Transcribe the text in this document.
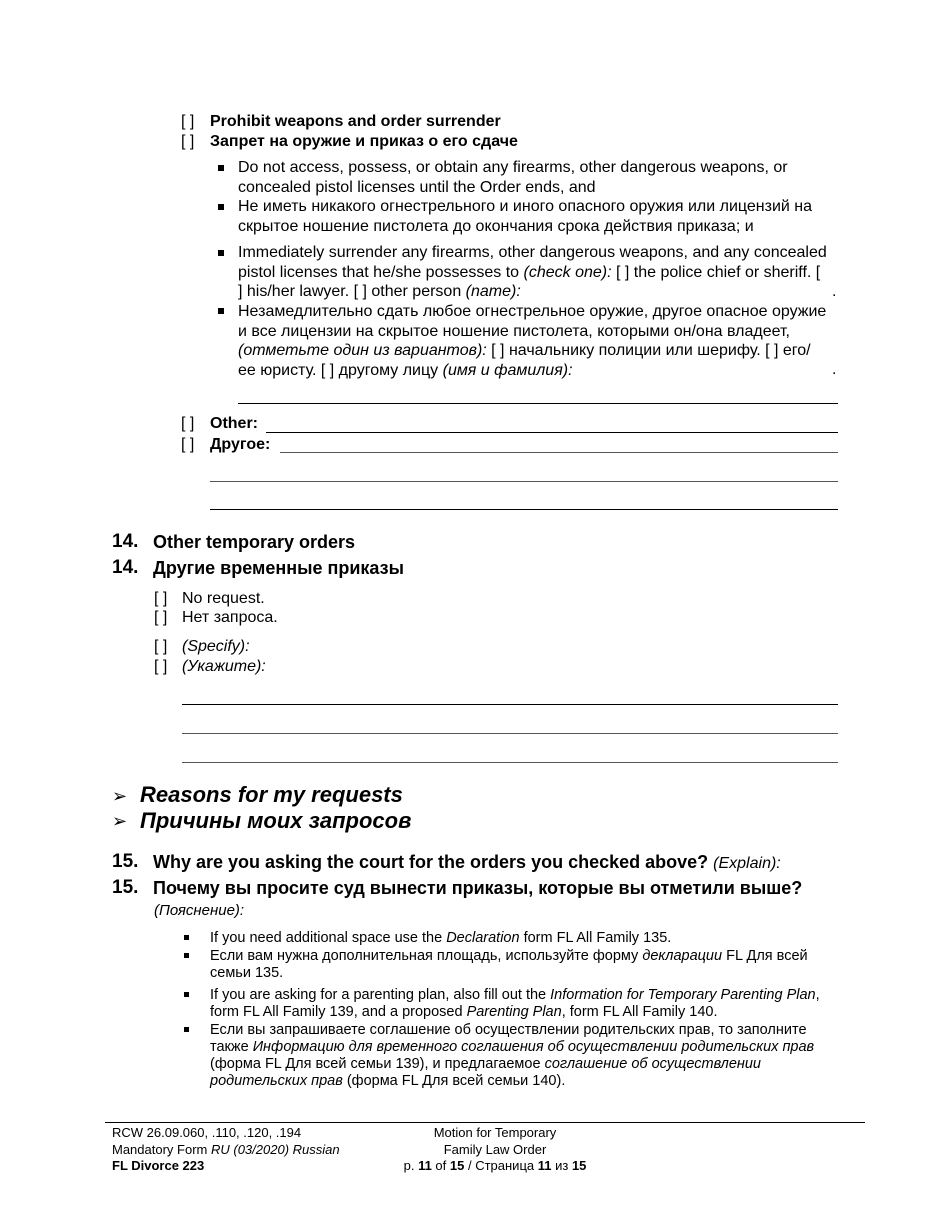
[ ] Prohibit weapons and order surrender
[ ] Запрет на оружие и приказ о его сдаче
Do not access, possess, or obtain any firearms, other dangerous weapons, or concealed pistol licenses until the Order ends, and
Не иметь никакого огнестрельного и иного опасного оружия или лицензий на скрытое ношение пистолета до окончания срока действия приказа; и
Immediately surrender any firearms, other dangerous weapons, and any concealed pistol licenses that he/she possesses to (check one): [ ] the police chief or sheriff. [ ] his/her lawyer. [ ] other person (name):	.
Незамедлительно сдать любое огнестрельное оружие, другое опасное оружие и все лицензии на скрытое ношение пистолета, которыми он/она владеет, (отметьте один из вариантов): [ ] начальнику полиции или шерифу. [ ] его/ее юристу. [ ] другому лицу (имя и фамилия):	.
[ ] Other:
[ ] Другое:
14. Other temporary orders
14. Другие временные приказы
[ ] No request.
[ ] Нет запроса.
[ ] (Specify):
[ ] (Укажите):
➢ Reasons for my requests
➢ Причины моих запросов
15. Why are you asking the court for the orders you checked above? (Explain):
15. Почему вы просите суд вынести приказы, которые вы отметили выше?
(Пояснение):
If you need additional space use the Declaration form FL All Family 135.
Если вам нужна дополнительная площадь, используйте форму декларации FL Для всей семьи 135.
If you are asking for a parenting plan, also fill out the Information for Temporary Parenting Plan, form FL All Family 139, and a proposed Parenting Plan, form FL All Family 140.
Если вы запрашиваете соглашение об осуществлении родительских прав, то заполните также Информацию для временного соглашения об осуществлении родительских прав (форма FL Для всей семьи 139), и предлагаемое соглашение об осуществлении родительских прав (форма FL Для всей семьи 140).
RCW 26.09.060, .110, .120, .194
Mandatory Form RU (03/2020) Russian
FL Divorce 223
Motion for Temporary
Family Law Order
p. 11 of 15 / Страница 11 из 15
